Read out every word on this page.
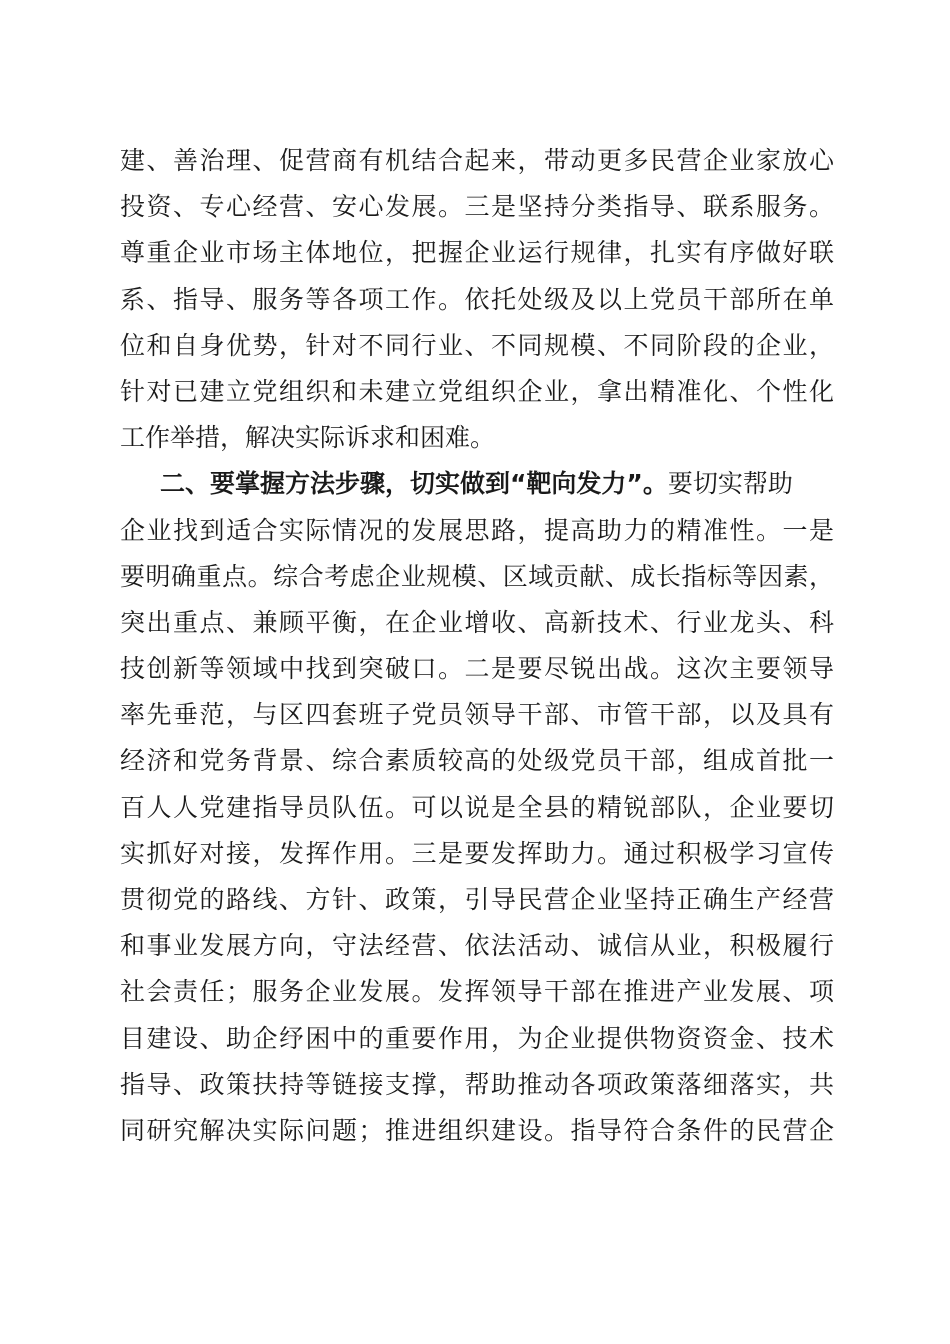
建​、​善​治​理​、​促​营​商​有​机​结​合​起​来​，​带​动​更​多​民​营​企​业​家​放​心
投​资​、​专​心​经​营​、​安​心​发​展​。​三​是​坚​持​分​类​指​导​、​联​系​服​务​。
尊​重​企​业​市​场​主​体​地​位​，​把​握​企​业​运​行​规​律​，​扎​实​有​序​做​好​联
系​、​指​导​、​服​务​等​各​项​工​作​。​依​托​处​级​及​以​上​党​员​干​部​所​在​单
位​和​自​身​优​势​，​针​对​不​同​行​业​、​不​同​规​模​、​不​同​阶​段​的​企​业​，
针​对​已​建​立​党​组​织​和​未​建​立​党​组​织​企​业​，​拿​出​精​准​化​、​个​性​化
工作举措，解决实际诉求和困难。
二、要掌握方法步骤，切实做到“靶向发力”。要切实帮助
企​业​找​到​适​合​实​际​情​况​的​发​展​思​路​，​提​高​助​力​的​精​准​性​。​一​是
要​明​确​重​点​。​综​合​考​虑​企​业​规​模​、​区​域​贡​献​、​成​长​指​标​等​因​素​，
突​出​重​点​、​兼​顾​平​衡​，​在​企​业​增​收​、​高​新​技​术​、​行​业​龙​头​、​科
技​创​新​等​领​域​中​找​到​突​破​口​。​二​是​要​尽​锐​出​战​。​这​次​主​要​领​导
率​先​垂​范​，​与​区​四​套​班​子​党​员​领​导​干​部​、​市​管​干​部​，​以​及​具​有
经​济​和​党​务​背​景​、​综​合​素​质​较​高​的​处​级​党​员​干​部​，​组​成​首​批​一
百​人​人​党​建​指​导​员​队​伍​。​可​以​说​是​全​县​的​精​锐​部​队​，​企​业​要​切
实​抓​好​对​接​，​发​挥​作​用​。​三​是​要​发​挥​助​力​。​通​过​积​极​学​习​宣​传
贯​彻​党​的​路​线​、​方​针​、​政​策​，​引​导​民​营​企​业​坚​持​正​确​生​产​经​营
和​事​业​发​展​方​向​，​守​法​经​营​、​依​法​活​动​、​诚​信​从​业​，​积​极​履​行
社​会​责​任​；​服​务​企​业​发​展​。​发​挥​领​导​干​部​在​推​进​产​业​发​展​、​项
目​建​设​、​助​企​纾​困​中​的​重​要​作​用​，​为​企​业​提​供​物​资​资​金​、​技​术
指​导​、​政​策​扶​持​等​链​接​支​撑​，​帮​助​推​动​各​项​政​策​落​细​落​实​，​共
同​研​究​解​决​实​际​问​题​；​推​进​组​织​建​设​。​指​导​符​合​条​件​的​民​营​企
